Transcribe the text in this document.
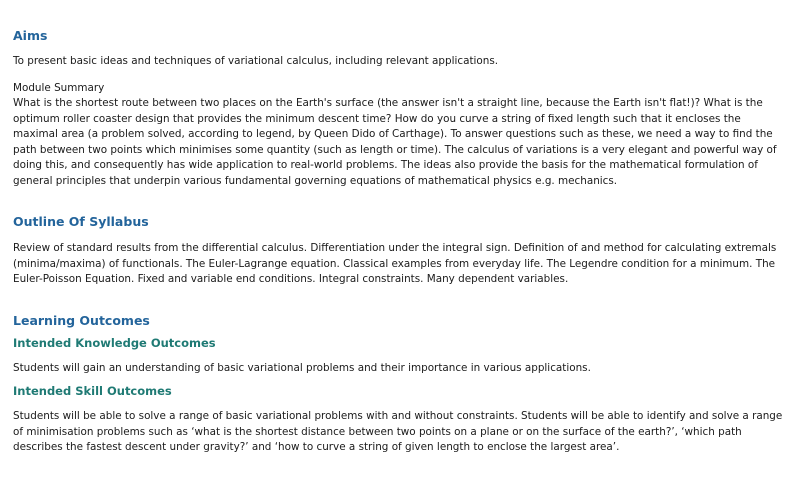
Aims

To present basic ideas and techniques of variational calculus, including relevant applications.

Module Summary

What is the shortest route between two places on the Earth's surface (the answer isn't a straight line, because the Earth isn't flat!)? What is the optimum roller coaster design that provides the minimum descent time? How do you curve a string of fixed length such that it encloses the maximal area (a problem solved, according to legend, by Queen Dido of Carthage). To answer questions such as these, we need a way to find the path between two points which minimises some quantity (such as length or time). The calculus of variations is a very elegant and powerful way of doing this, and consequently has wide application to real-world problems. The ideas also provide the basis for the mathematical formulation of general principles that underpin various fundamental governing equations of mathematical physics e.g. mechanics.

Outline Of Syllabus

Review of standard results from the differential calculus. Differentiation under the integral sign. Definition of and method for calculating extremals (minima/maxima) of functionals. The Euler-Lagrange equation. Classical examples from everyday life. The Legendre condition for a minimum. The Euler-Poisson Equation. Fixed and variable end conditions. Integral constraints. Many dependent variables.

Learning Outcomes
Intended Knowledge Outcomes

Students will gain an understanding of basic variational problems and their importance in various applications.

Intended Skill Outcomes

Students will be able to solve a range of basic variational problems with and without constraints. Students will be able to identify and solve a range of minimisation problems such as ‘what is the shortest distance between two points on a plane or on the surface of the earth?’, ‘which path describes the fastest descent under gravity?’ and ‘how to curve a string of given length to enclose the largest area’.
